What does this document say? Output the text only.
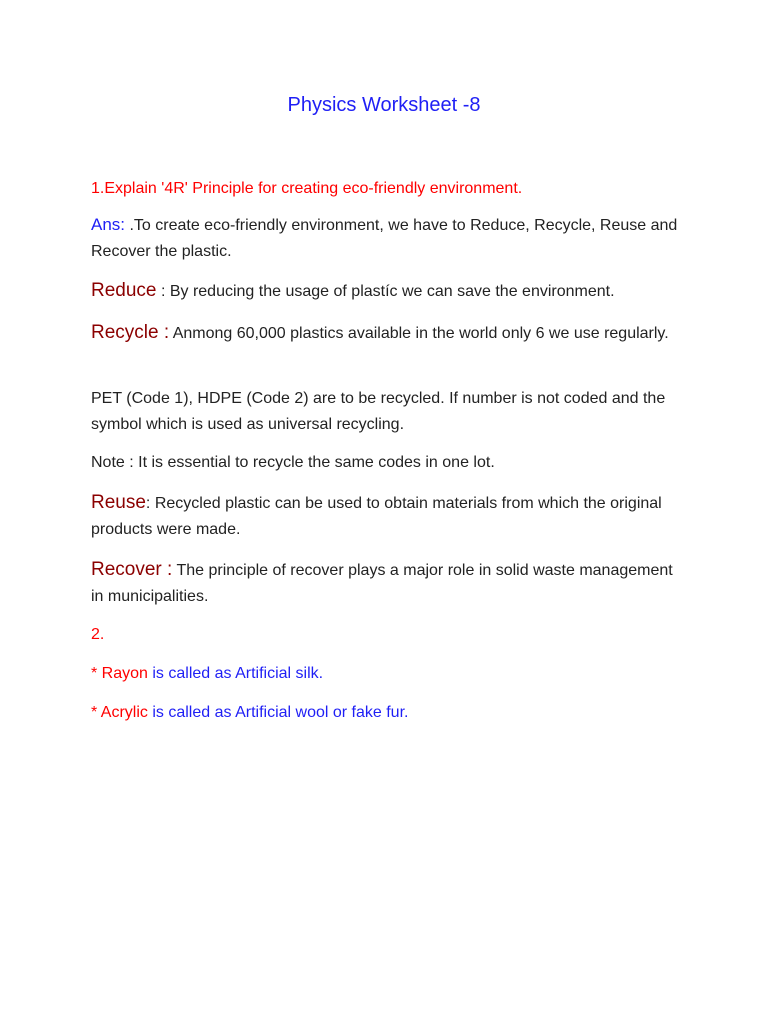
Physics Worksheet -8
1.Explain '4R' Principle for creating eco-friendly environment.
Ans: .To create eco-friendly environment, we have to Reduce, Recycle, Reuse and Recover the plastic.
Reduce : By reducing the usage of plastíc we can save the environment.
Recycle : Anmong 60,000 plastics available in the world only 6 we use regularly.
PET (Code 1), HDPE (Code 2) are to be recycled. If number is not coded and the symbol which is used as universal recycling.
Note : It is essential to recycle the same codes in one lot.
Reuse: Recycled plastic can be used to obtain materials from which the original products were made.
Recover : The principle of recover plays a major role in solid waste management in municipalities.
2.
* Rayon is called as Artificial silk.
* Acrylic is called as Artificial wool or fake fur.
